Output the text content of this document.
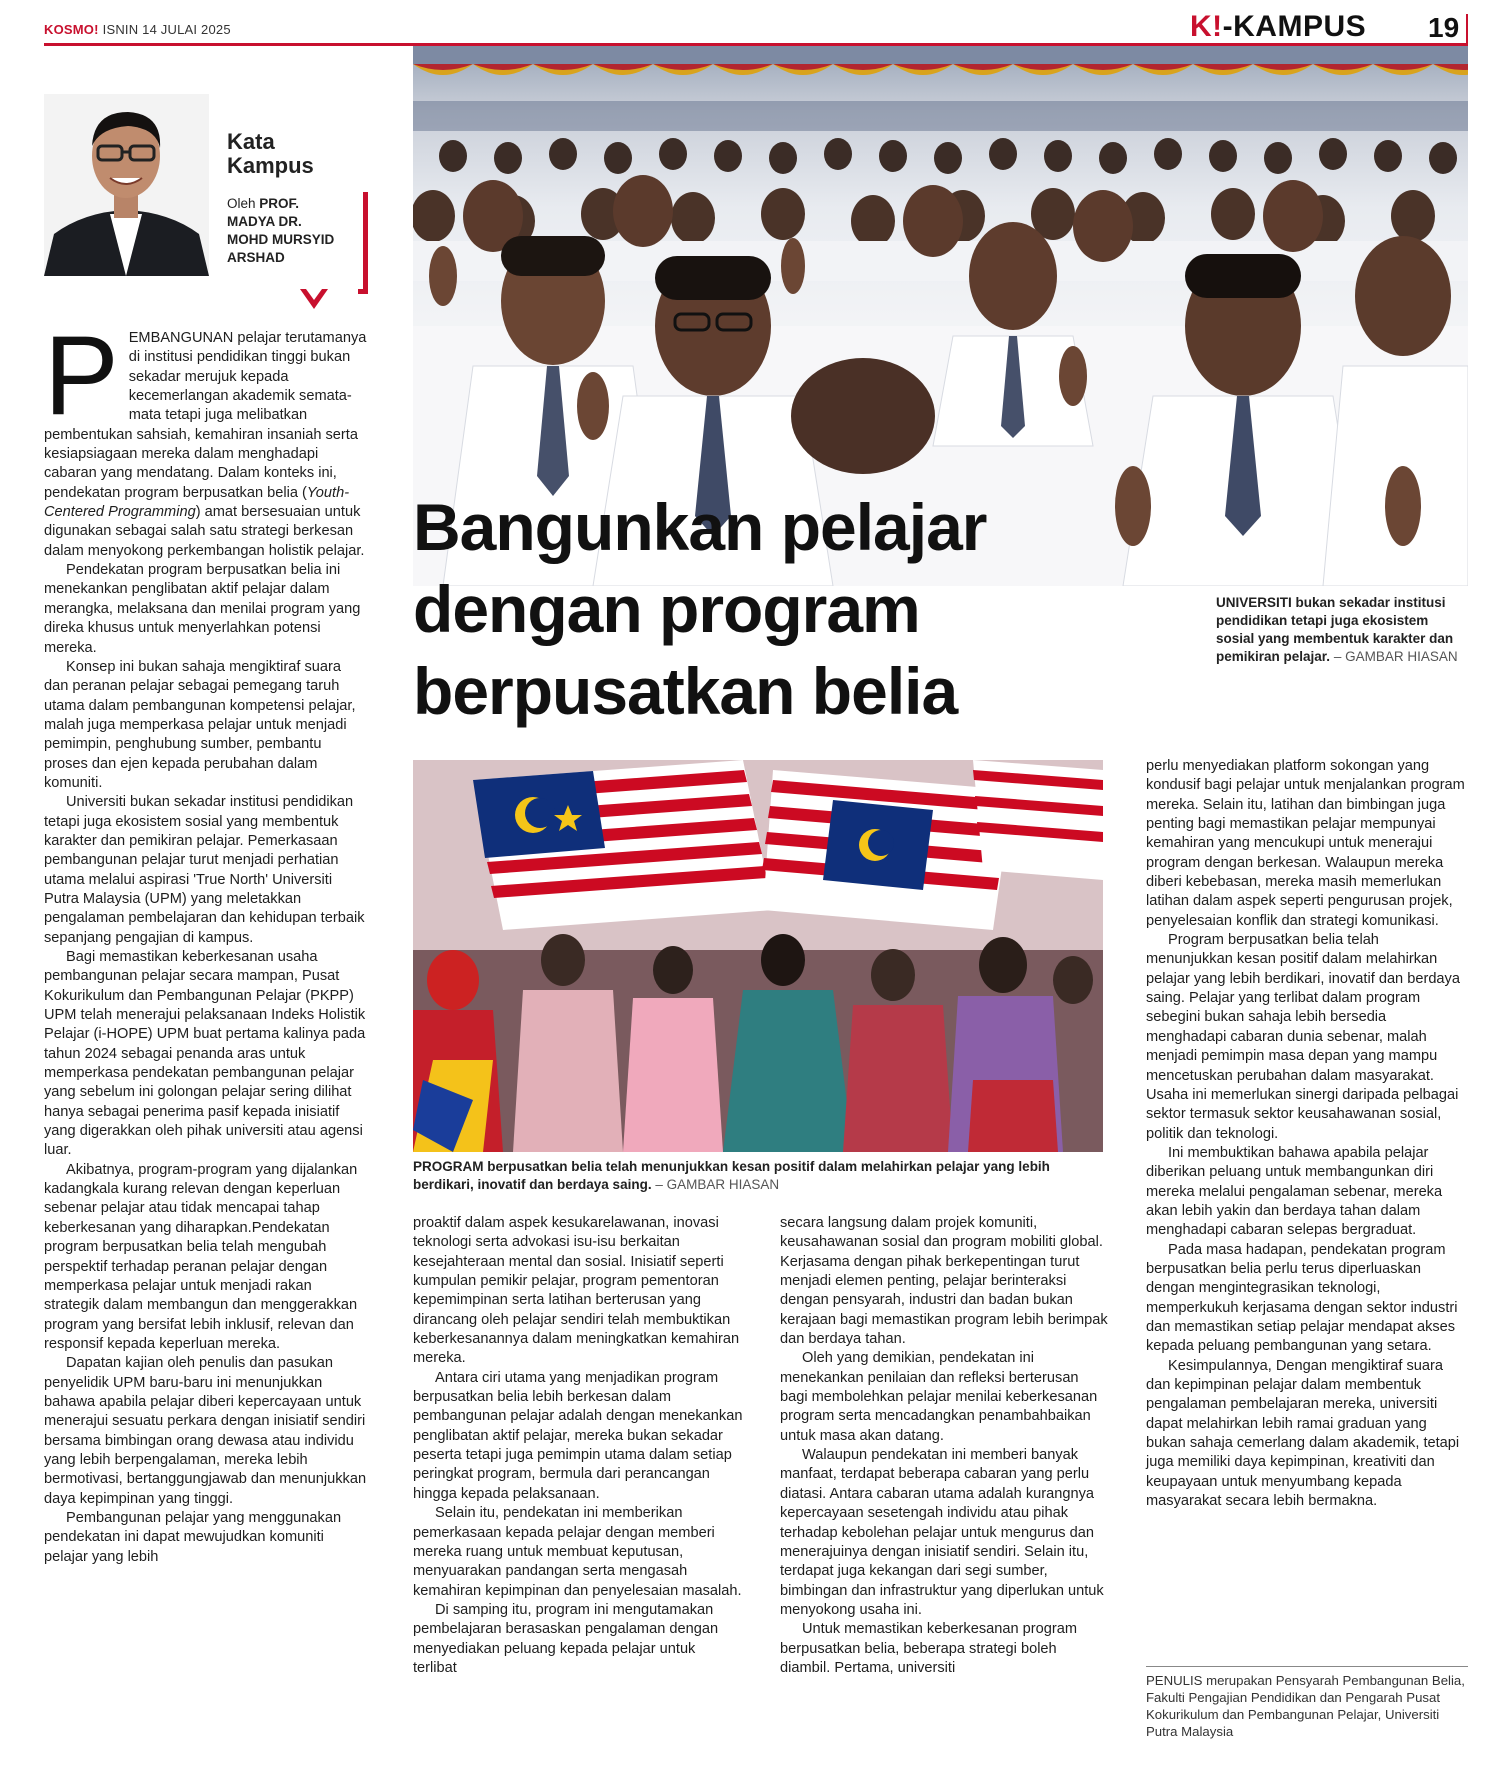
KOSMO! ISNIN 14 JULAI 2025	K!-KAMPUS 19
Kata
Kampus
Oleh PROF.
MADYA DR.
MOHD MURSYID
ARSHAD
Bangunkan pelajar dengan program berpusatkan belia
UNIVERSITI bukan sekadar institusi pendidikan tetapi juga ekosistem sosial yang membentuk karakter dan pemikiran pelajar. – GAMBAR HIASAN
PROGRAM berpusatkan belia telah menunjukkan kesan positif dalam melahirkan pelajar yang lebih berdikari, inovatif dan berdaya saing. – GAMBAR HIASAN

PEMBANGUNAN pelajar terutamanya di institusi pendidikan tinggi bukan sekadar merujuk kepada kecemerlangan akademik semata-mata tetapi juga melibatkan pembentukan sahsiah, kemahiran insaniah serta kesiapsiagaan mereka dalam menghadapi cabaran yang mendatang. Dalam konteks ini, pendekatan program berpusatkan belia (Youth-Centered Programming) amat bersesuaian untuk digunakan sebagai salah satu strategi berkesan dalam menyokong perkembangan holistik pelajar.

Pendekatan program berpusatkan belia ini menekankan penglibatan aktif pelajar dalam merangka, melaksana dan menilai program yang direka khusus untuk menyerlahkan potensi mereka.

Konsep ini bukan sahaja mengiktiraf suara dan peranan pelajar sebagai pemegang taruh utama dalam pembangunan kompetensi pelajar, malah juga memperkasa pelajar untuk menjadi pemimpin, penghubung sumber, pembantu proses dan ejen kepada perubahan dalam komuniti.

Universiti bukan sekadar institusi pendidikan tetapi juga ekosistem sosial yang membentuk karakter dan pemikiran pelajar. Pemerkasaan pembangunan pelajar turut menjadi perhatian utama melalui aspirasi 'True North' Universiti Putra Malaysia (UPM) yang meletakkan pengalaman pembelajaran dan kehidupan terbaik sepanjang pengajian di kampus.

Bagi memastikan keberkesanan usaha pembangunan pelajar secara mampan, Pusat Kokurikulum dan Pembangunan Pelajar (PKPP) UPM telah menerajui pelaksanaan Indeks Holistik Pelajar (i-HOPE) UPM buat pertama kalinya pada tahun 2024 sebagai penanda aras untuk memperkasa pendekatan pembangunan pelajar yang sebelum ini golongan pelajar sering dilihat hanya sebagai penerima pasif kepada inisiatif yang digerakkan oleh pihak universiti atau agensi luar.

Akibatnya, program-program yang dijalankan kadangkala kurang relevan dengan keperluan sebenar pelajar atau tidak mencapai tahap keberkesanan yang diharapkan.Pendekatan program berpusatkan belia telah mengubah perspektif terhadap peranan pelajar dengan memperkasa pelajar untuk menjadi rakan strategik dalam membangun dan menggerakkan program yang bersifat lebih inklusif, relevan dan responsif kepada keperluan mereka.

Dapatan kajian oleh penulis dan pasukan penyelidik UPM baru-baru ini menunjukkan bahawa apabila pelajar diberi kepercayaan untuk menerajui sesuatu perkara dengan inisiatif sendiri bersama bimbingan orang dewasa atau individu yang lebih berpengalaman, mereka lebih bermotivasi, bertanggungjawab dan menunjukkan daya kepimpinan yang tinggi.

Pembangunan pelajar yang menggunakan pendekatan ini dapat mewujudkan komuniti pelajar yang lebih

proaktif dalam aspek kesukarelawanan, inovasi teknologi serta advokasi isu-isu berkaitan kesejahteraan mental dan sosial. Inisiatif seperti kumpulan pemikir pelajar, program pementoran kepemimpinan serta latihan berterusan yang dirancang oleh pelajar sendiri telah membuktikan keberkesanannya dalam meningkatkan kemahiran mereka.

Antara ciri utama yang menjadikan program berpusatkan belia lebih berkesan dalam pembangunan pelajar adalah dengan menekankan penglibatan aktif pelajar, mereka bukan sekadar peserta tetapi juga pemimpin utama dalam setiap peringkat program, bermula dari perancangan hingga kepada pelaksanaan.

Selain itu, pendekatan ini memberikan pemerkasaan kepada pelajar dengan memberi mereka ruang untuk membuat keputusan, menyuarakan pandangan serta mengasah kemahiran kepimpinan dan penyelesaian masalah.

Di samping itu, program ini mengutamakan pembelajaran berasaskan pengalaman dengan menyediakan peluang kepada pelajar untuk terlibat

secara langsung dalam projek komuniti, keusahawanan sosial dan program mobiliti global. Kerjasama dengan pihak berkepentingan turut menjadi elemen penting, pelajar berinteraksi dengan pensyarah, industri dan badan bukan kerajaan bagi memastikan program lebih berimpak dan berdaya tahan.

Oleh yang demikian, pendekatan ini menekankan penilaian dan refleksi berterusan bagi membolehkan pelajar menilai keberkesanan program serta mencadangkan penambahbaikan untuk masa akan datang.

Walaupun pendekatan ini memberi banyak manfaat, terdapat beberapa cabaran yang perlu diatasi. Antara cabaran utama adalah kurangnya kepercayaan sesetengah individu atau pihak terhadap kebolehan pelajar untuk mengurus dan menerajuinya dengan inisiatif sendiri. Selain itu, terdapat juga kekangan dari segi sumber, bimbingan dan infrastruktur yang diperlukan untuk menyokong usaha ini.

Untuk memastikan keberkesanan program berpusatkan belia, beberapa strategi boleh diambil. Pertama, universiti

perlu menyediakan platform sokongan yang kondusif bagi pelajar untuk menjalankan program mereka. Selain itu, latihan dan bimbingan juga penting bagi memastikan pelajar mempunyai kemahiran yang mencukupi untuk menerajui program dengan berkesan. Walaupun mereka diberi kebebasan, mereka masih memerlukan latihan dalam aspek seperti pengurusan projek, penyelesaian konflik dan strategi komunikasi.

Program berpusatkan belia telah menunjukkan kesan positif dalam melahirkan pelajar yang lebih berdikari, inovatif dan berdaya saing. Pelajar yang terlibat dalam program sebegini bukan sahaja lebih bersedia menghadapi cabaran dunia sebenar, malah menjadi pemimpin masa depan yang mampu mencetuskan perubahan dalam masyarakat. Usaha ini memerlukan sinergi daripada pelbagai sektor termasuk sektor keusahawanan sosial, politik dan teknologi.

Ini membuktikan bahawa apabila pelajar diberikan peluang untuk membangunkan diri mereka melalui pengalaman sebenar, mereka akan lebih yakin dan berdaya tahan dalam menghadapi cabaran selepas bergraduat.

Pada masa hadapan, pendekatan program berpusatkan belia perlu terus diperluaskan dengan mengintegrasikan teknologi, memperkukuh kerjasama dengan sektor industri dan memastikan setiap pelajar mendapat akses kepada peluang pembangunan yang setara.

Kesimpulannya, Dengan mengiktiraf suara dan kepimpinan pelajar dalam membentuk pengalaman pembelajaran mereka, universiti dapat melahirkan lebih ramai graduan yang bukan sahaja cemerlang dalam akademik, tetapi juga memiliki daya kepimpinan, kreativiti dan keupayaan untuk menyumbang kepada masyarakat secara lebih bermakna.

PENULIS merupakan Pensyarah Pembangunan Belia, Fakulti Pengajian Pendidikan dan Pengarah Pusat Kokurikulum dan Pembangunan Pelajar, Universiti Putra Malaysia
